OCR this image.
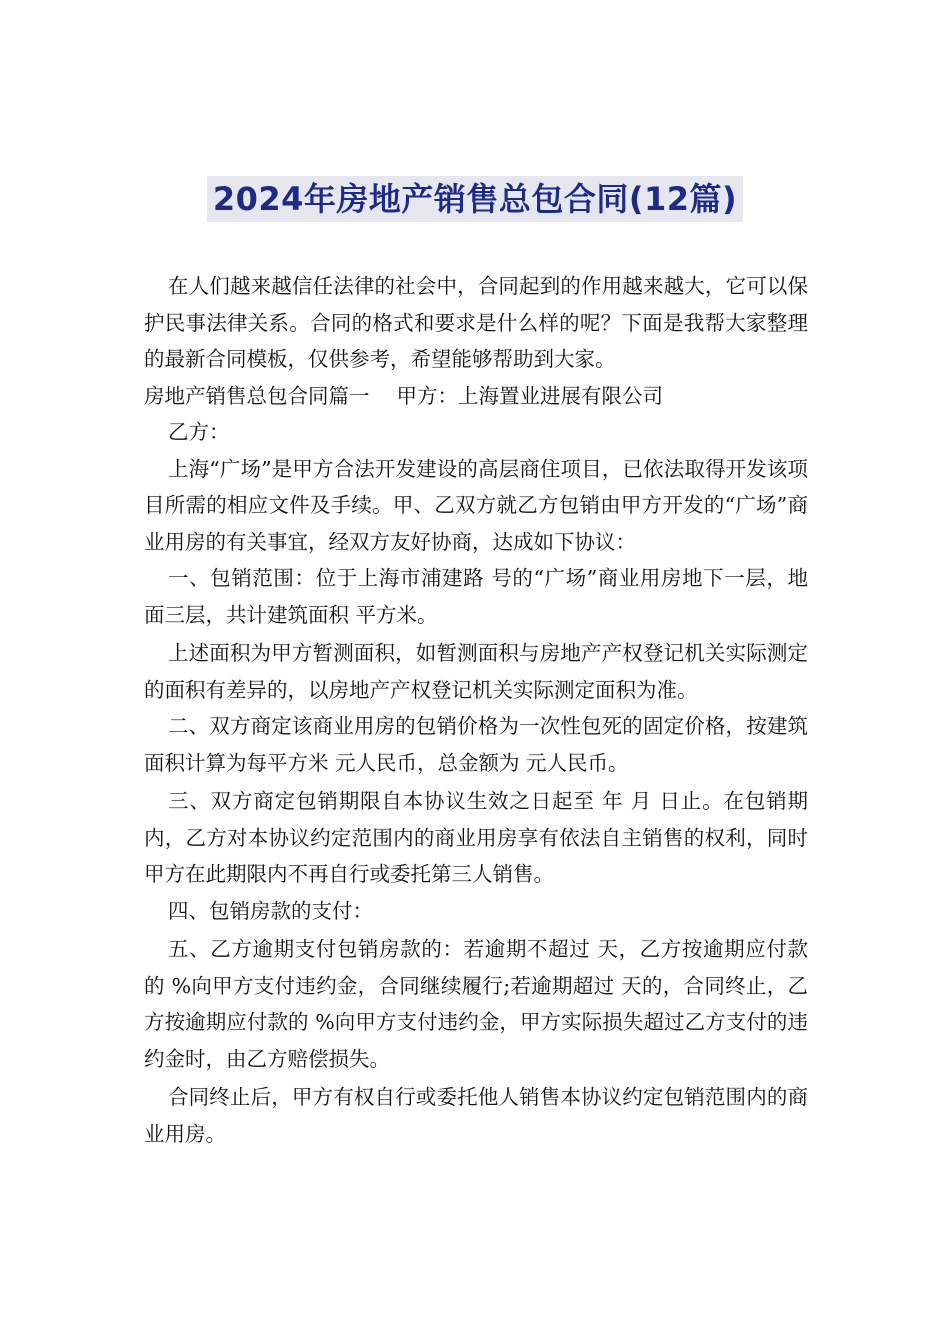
2024年房地产销售总包合同(12篇)

在人们越来越信任法律的社会中，合同起到的作用越来越大，它可以保护民事法律关系。合同的格式和要求是什么样的呢？下面是我帮大家整理的最新合同模板，仅供参考，希望能够帮助到大家。

房地产销售总包合同篇一　 甲方：上海置业进展有限公司

乙方：

上海“广场”是甲方合法开发建设的高层商住项目，已依法取得开发该项目所需的相应文件及手续。甲、乙双方就乙方包销由甲方开发的“广场”商业用房的有关事宜，经双方友好协商，达成如下协议：

一、包销范围：位于上海市浦建路 号的“广场”商业用房地下一层，地面三层，共计建筑面积 平方米。

上述面积为甲方暂测面积，如暂测面积与房地产产权登记机关实际测定的面积有差异的，以房地产产权登记机关实际测定面积为准。

二、双方商定该商业用房的包销价格为一次性包死的固定价格，按建筑面积计算为每平方米 元人民币，总金额为 元人民币。

三、双方商定包销期限自本协议生效之日起至 年 月 日止。在包销期内，乙方对本协议约定范围内的商业用房享有依法自主销售的权利，同时甲方在此期限内不再自行或委托第三人销售。

四、包销房款的支付：

五、乙方逾期支付包销房款的：若逾期不超过 天，乙方按逾期应付款的 %向甲方支付违约金，合同继续履行;若逾期超过 天的，合同终止，乙方按逾期应付款的 %向甲方支付违约金，甲方实际损失超过乙方支付的违约金时，由乙方赔偿损失。

合同终止后，甲方有权自行或委托他人销售本协议约定包销范围内的商业用房。
